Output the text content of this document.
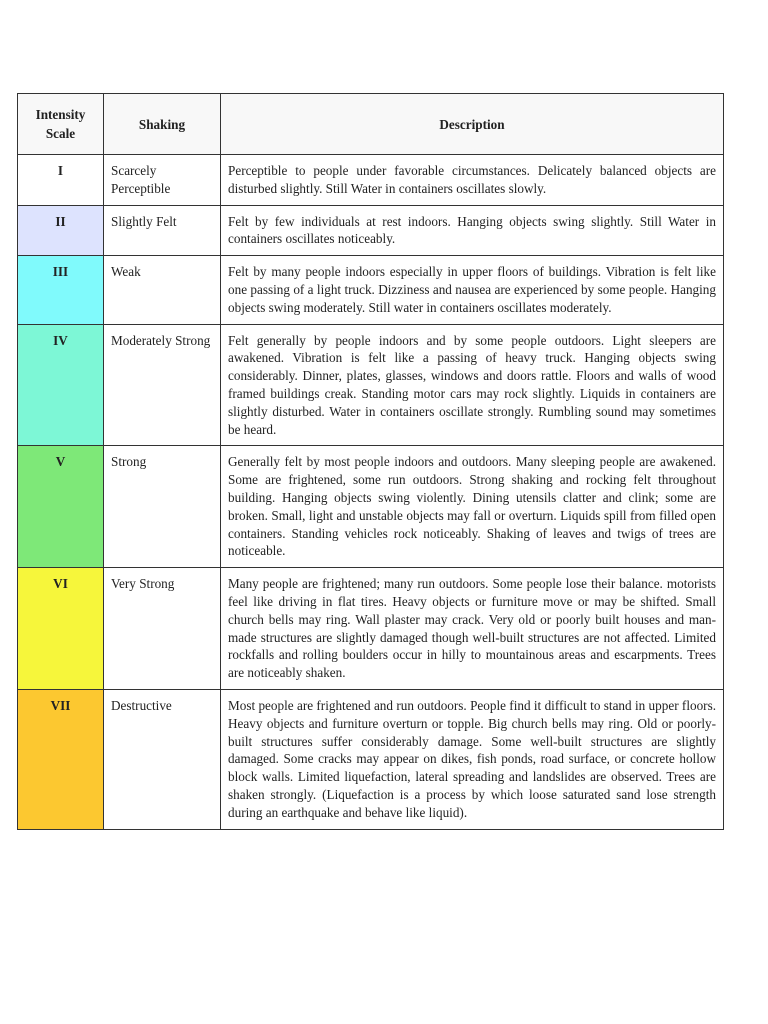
Intensity Scale	Shaking	Description
I	Scarcely Perceptible	Perceptible to people under favorable circumstances. Delicately balanced objects are disturbed slightly. Still Water in containers oscillates slowly.
II	Slightly Felt	Felt by few individuals at rest indoors. Hanging objects swing slightly. Still Water in containers oscillates noticeably.
III	Weak	Felt by many people indoors especially in upper floors of buildings. Vibration is felt like one passing of a light truck. Dizziness and nausea are experienced by some people. Hanging objects swing moderately. Still water in containers oscillates moderately.
IV	Moderately Strong	Felt generally by people indoors and by some people outdoors. Light sleepers are awakened. Vibration is felt like a passing of heavy truck. Hanging objects swing considerably. Dinner, plates, glasses, windows and doors rattle. Floors and walls of wood framed buildings creak. Standing motor cars may rock slightly. Liquids in containers are slightly disturbed. Water in containers oscillate strongly. Rumbling sound may sometimes be heard.
V	Strong	Generally felt by most people indoors and outdoors. Many sleeping people are awakened. Some are frightened, some run outdoors. Strong shaking and rocking felt throughout building. Hanging objects swing violently. Dining utensils clatter and clink; some are broken. Small, light and unstable objects may fall or overturn. Liquids spill from filled open containers. Standing vehicles rock noticeably. Shaking of leaves and twigs of trees are noticeable.
VI	Very Strong	Many people are frightened; many run outdoors. Some people lose their balance. motorists feel like driving in flat tires. Heavy objects or furniture move or may be shifted. Small church bells may ring. Wall plaster may crack. Very old or poorly built houses and man-made structures are slightly damaged though well-built structures are not affected. Limited rockfalls and rolling boulders occur in hilly to mountainous areas and escarpments. Trees are noticeably shaken.
VII	Destructive	Most people are frightened and run outdoors. People find it difficult to stand in upper floors. Heavy objects and furniture overturn or topple. Big church bells may ring. Old or poorly-built structures suffer considerably damage. Some well-built structures are slightly damaged. Some cracks may appear on dikes, fish ponds, road surface, or concrete hollow block walls. Limited liquefaction, lateral spreading and landslides are observed. Trees are shaken strongly. (Liquefaction is a process by which loose saturated sand lose strength during an earthquake and behave like liquid).
